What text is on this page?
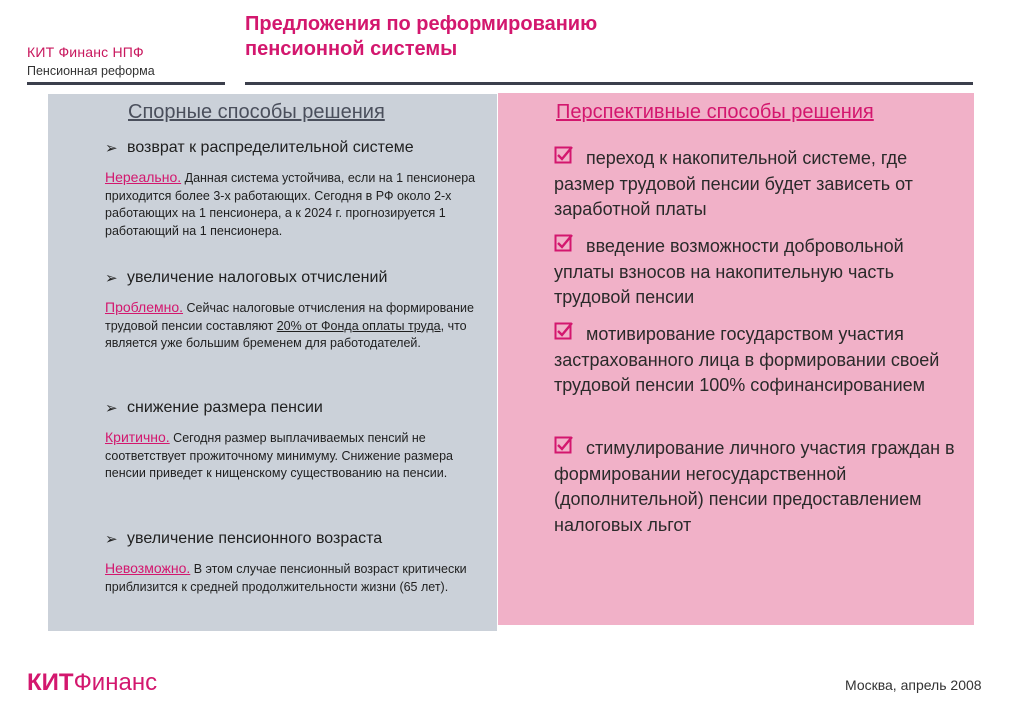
КИТ Финанс НПФ
Пенсионная реформа
Предложения по реформированию
пенсионной системы
Спорные способы решения	Перспективные способы решения
➢ возврат к распределительной системе
Нереально. Данная система устойчива, если на 1 пенсионера приходится более 3-х работающих. Сегодня в РФ около 2-х работающих на 1 пенсионера, а к 2024 г. прогнозируется 1 работающий на 1 пенсионера.
➢ увеличение налоговых отчислений
Проблемно. Сейчас налоговые отчисления на формирование трудовой пенсии составляют 20% от Фонда оплаты труда, что является уже большим бременем для работодателей.
➢ снижение размера пенсии
Критично. Сегодня размер выплачиваемых пенсий не соответствует прожиточному минимуму. Снижение размера пенсии приведет к нищенскому существованию на пенсии.
➢ увеличение пенсионного возраста
Невозможно. В этом случае пенсионный возраст критически приблизится к средней продолжительности жизни (65 лет).
переход к накопительной системе, где размер трудовой пенсии будет зависеть от заработной платы
введение возможности добровольной уплаты взносов на накопительную часть трудовой пенсии
мотивирование государством участия застрахованного лица в формировании своей трудовой пенсии 100% софинансированием
стимулирование личного участия граждан в формировании негосударственной (дополнительной) пенсии предоставлением налоговых льгот
КИТФинанс	Москва, апрель 2008
